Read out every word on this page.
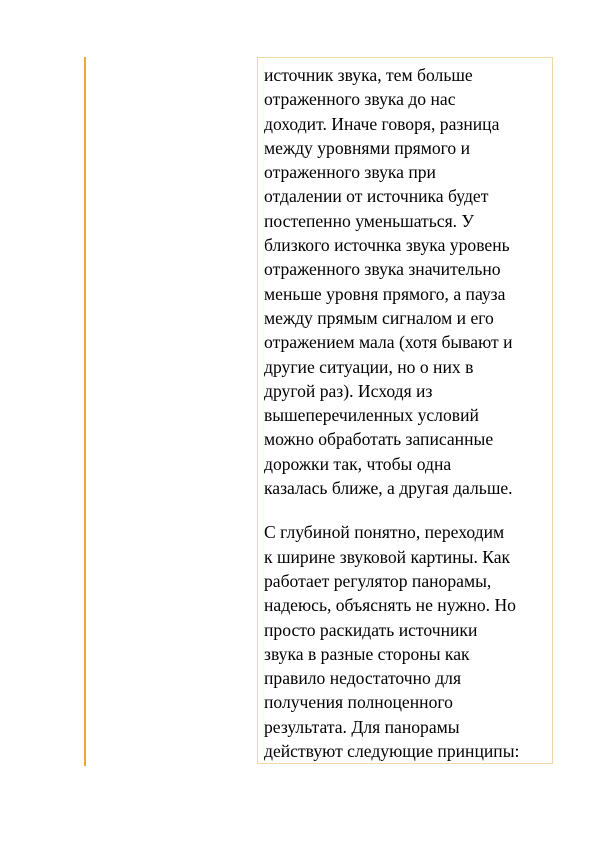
источник звука, тем больше
отраженного звука до нас
доходит. Иначе говоря, разница
между уровнями прямого и
отраженного звука при
отдалении от источника будет
постепенно уменьшаться. У
близкого источнка звука уровень
отраженного звука значительно
меньше уровня прямого, а пауза
между прямым сигналом и его
отражением мала (хотя бывают и
другие ситуации, но о них в
другой раз). Исходя из
вышеперечиленных условий
можно обработать записанные
дорожки так, чтобы одна
казалась ближе, а другая дальше.

С глубиной понятно, переходим
к ширине звуковой картины. Как
работает регулятор панорамы,
надеюсь, объяснять не нужно. Но
просто раскидать источники
звука в разные стороны как
правило недостаточно для
получения полноценного
результата. Для панорамы
действуют следующие принципы:
